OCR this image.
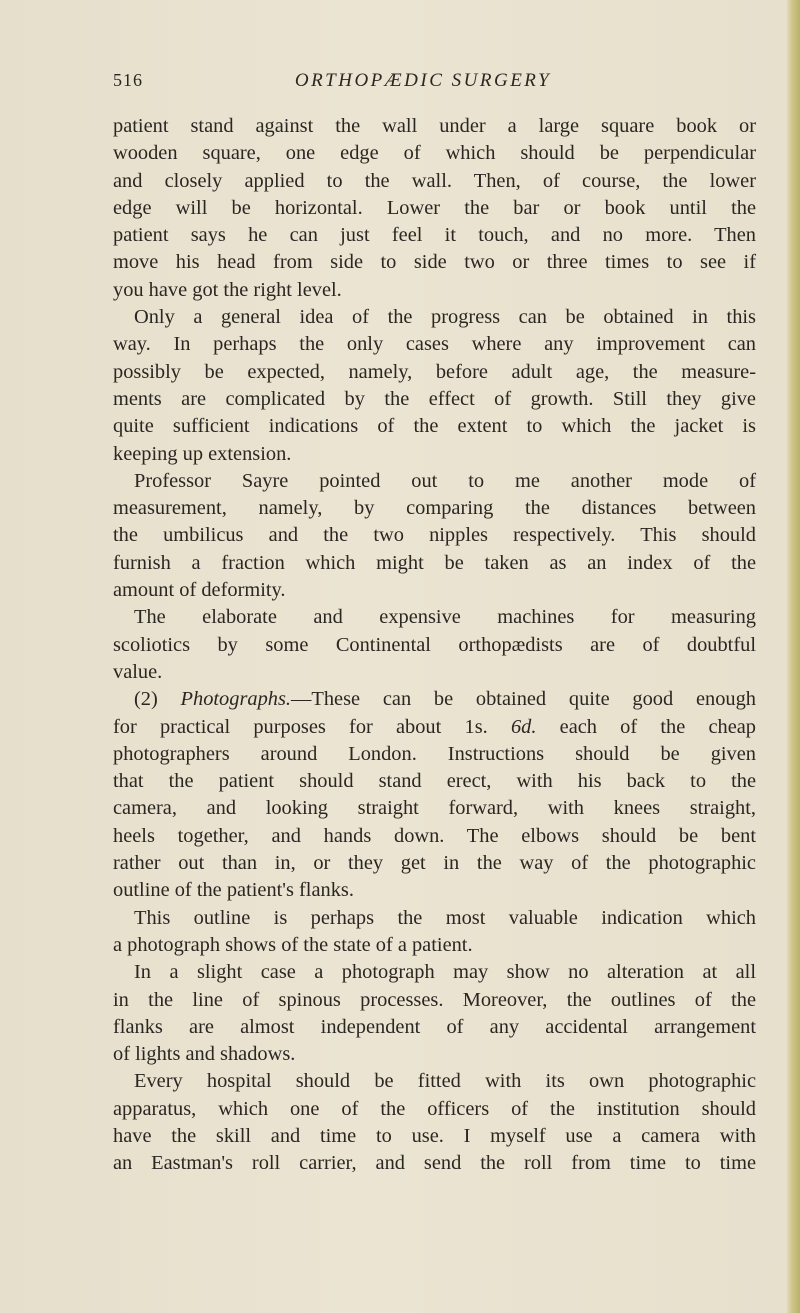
516	ORTHOPÆDIC SURGERY
patient stand against the wall under a large square book or
wooden square, one edge of which should be perpendicular
and closely applied to the wall. Then, of course, the lower
edge will be horizontal. Lower the bar or book until the
patient says he can just feel it touch, and no more. Then
move his head from side to side two or three times to see if
you have got the right level.
Only a general idea of the progress can be obtained in this
way. In perhaps the only cases where any improvement can
possibly be expected, namely, before adult age, the measure-
ments are complicated by the effect of growth. Still they give
quite sufficient indications of the extent to which the jacket is
keeping up extension.
Professor Sayre pointed out to me another mode of
measurement, namely, by comparing the distances between
the umbilicus and the two nipples respectively. This should
furnish a fraction which might be taken as an index of the
amount of deformity.
The elaborate and expensive machines for measuring
scoliotics by some Continental orthopædists are of doubtful
value.
(2) Photographs.—These can be obtained quite good enough
for practical purposes for about 1s. 6d. each of the cheap
photographers around London. Instructions should be given
that the patient should stand erect, with his back to the
camera, and looking straight forward, with knees straight,
heels together, and hands down. The elbows should be bent
rather out than in, or they get in the way of the photographic
outline of the patient's flanks.
This outline is perhaps the most valuable indication which
a photograph shows of the state of a patient.
In a slight case a photograph may show no alteration at all
in the line of spinous processes. Moreover, the outlines of the
flanks are almost independent of any accidental arrangement
of lights and shadows.
Every hospital should be fitted with its own photographic
apparatus, which one of the officers of the institution should
have the skill and time to use. I myself use a camera with
an Eastman's roll carrier, and send the roll from time to time
